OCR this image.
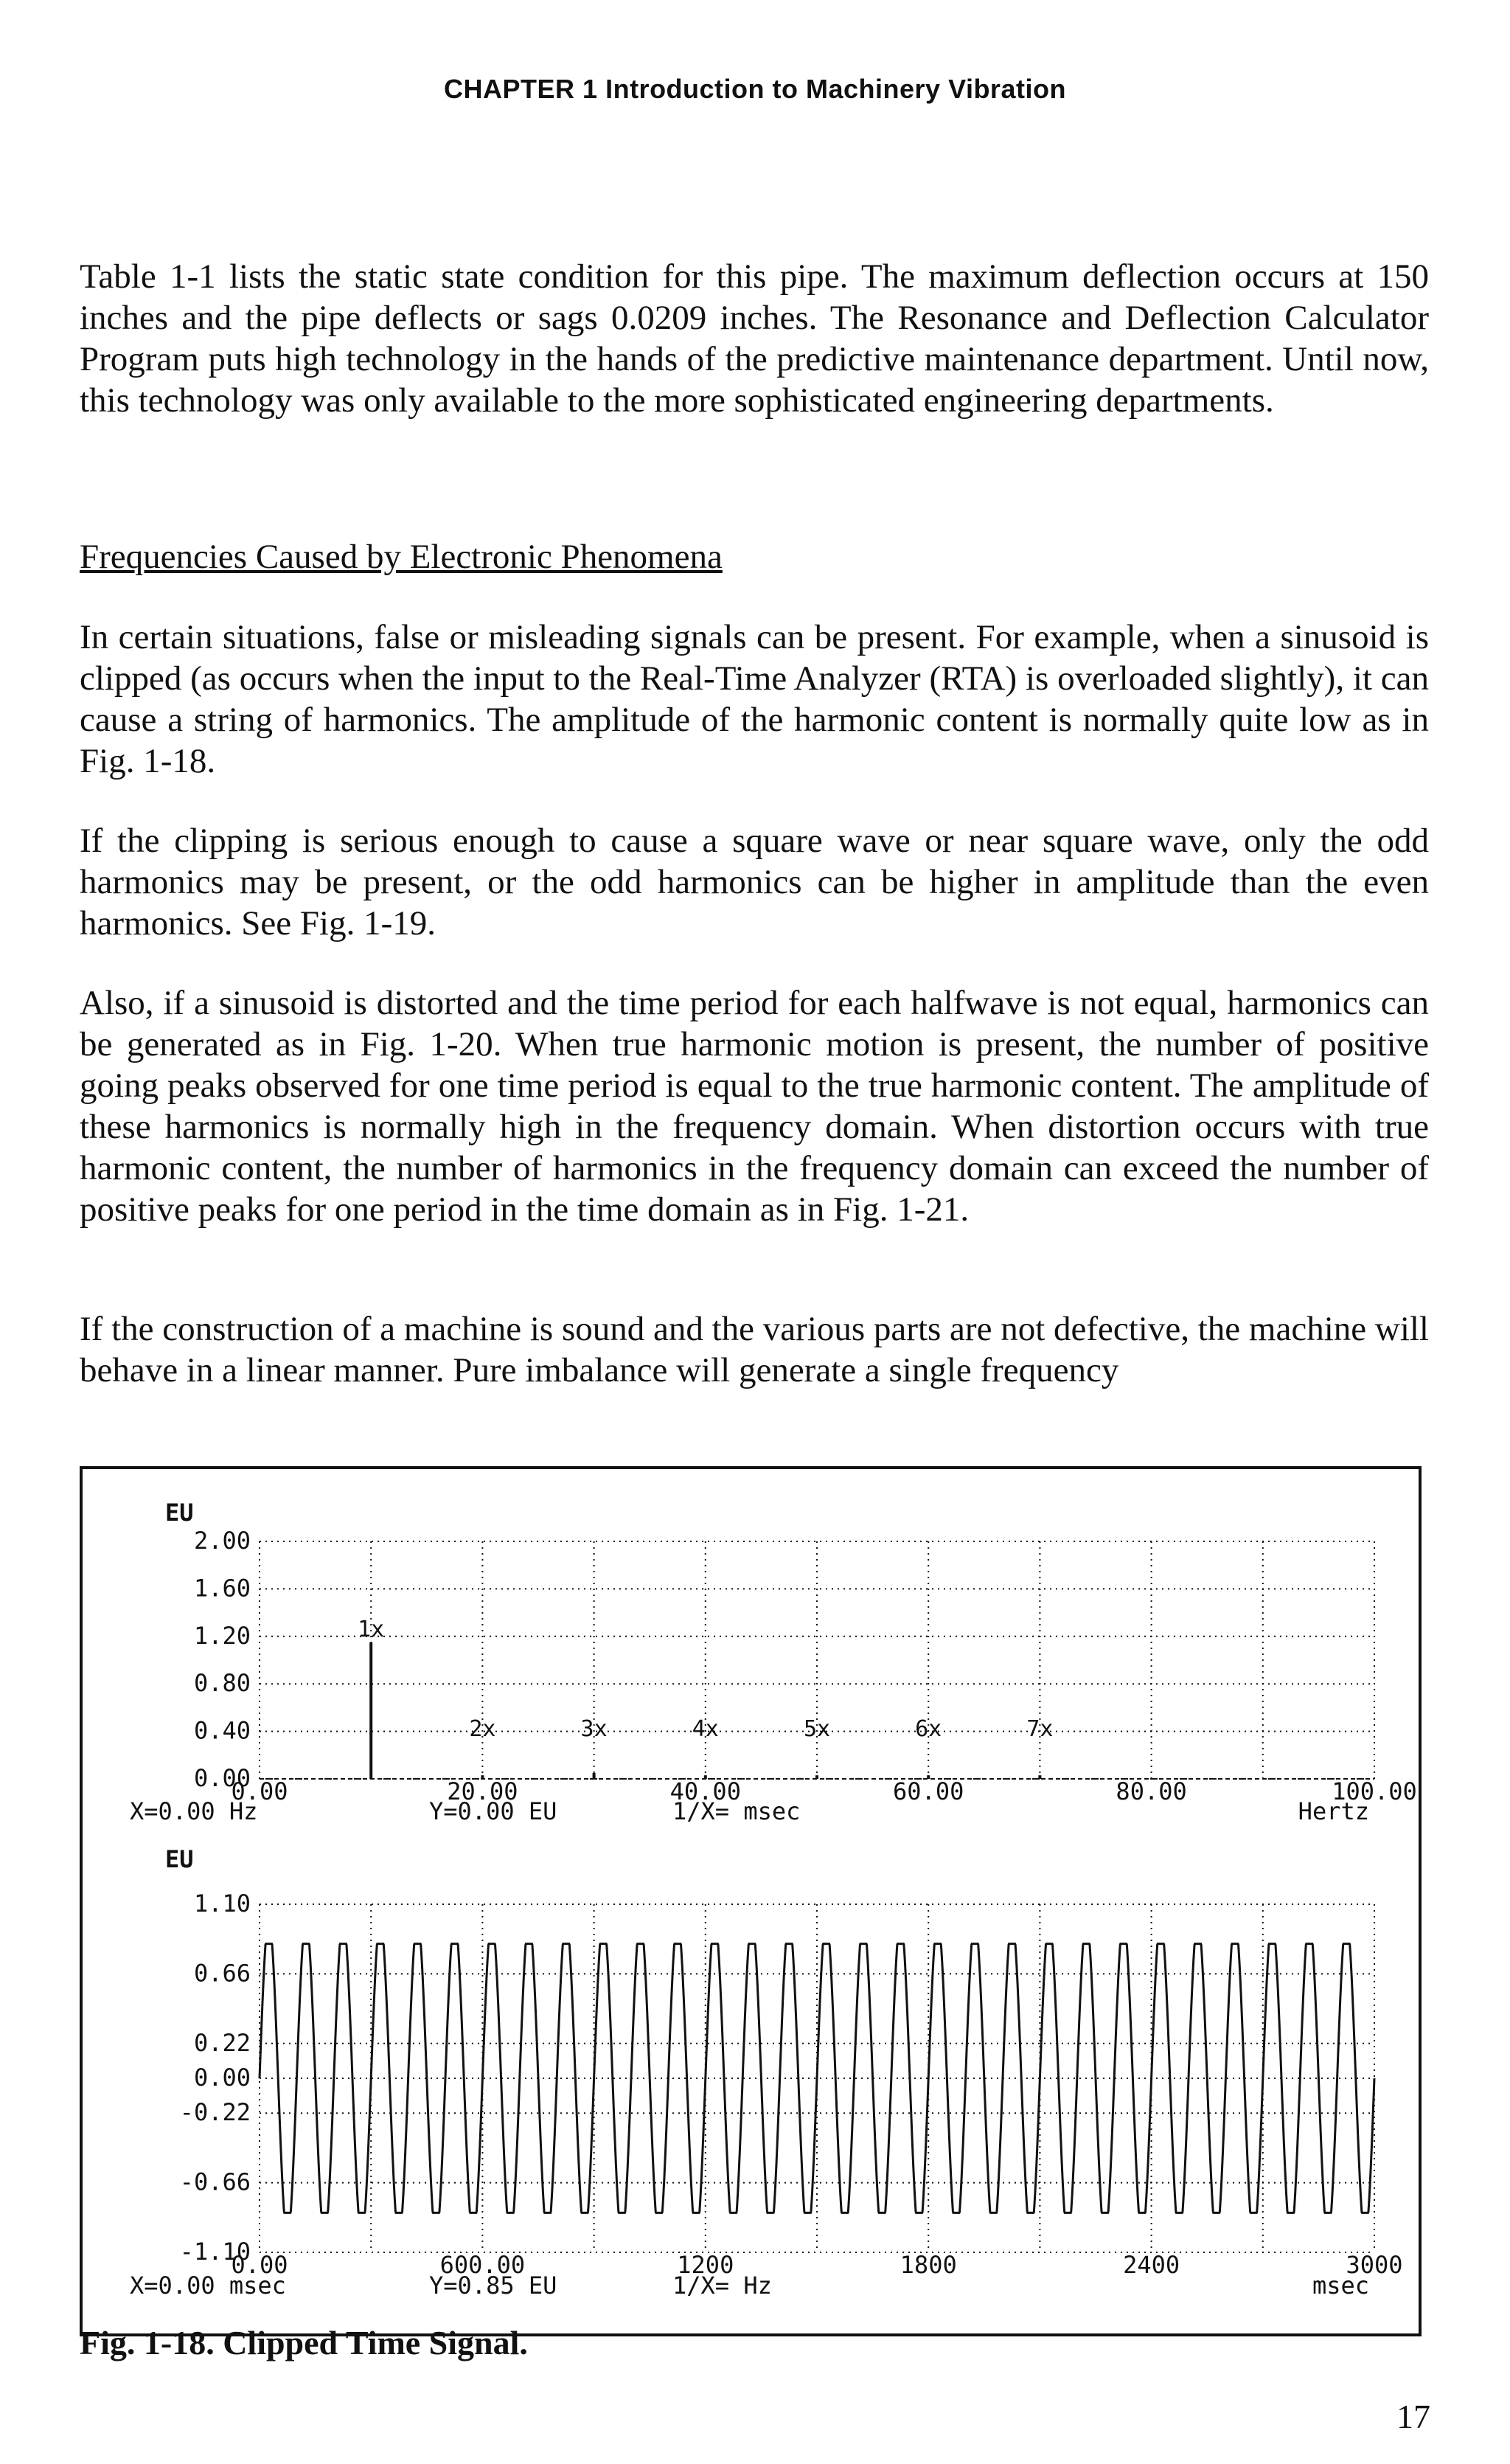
CHAPTER 1 Introduction to Machinery Vibration

Table 1-1 lists the static state condition for this pipe. The maximum deflection occurs at 150 inches and the pipe deflects or sags 0.0209 inches. The Resonance and Deflection Calculator Program puts high technology in the hands of the predictive maintenance department. Until now, this technology was only available to the more sophisticated engineering departments.

Frequencies Caused by Electronic Phenomena

In certain situations, false or misleading signals can be present. For example, when a sinusoid is clipped (as occurs when the input to the Real-Time Analyzer (RTA) is overloaded slightly), it can cause a string of harmonics. The amplitude of the harmonic content is normally quite low as in Fig. 1-18.

If the clipping is serious enough to cause a square wave or near square wave, only the odd harmonics may be present, or the odd harmonics can be higher in amplitude than the even harmonics. See Fig. 1-19.

Also, if a sinusoid is distorted and the time period for each halfwave is not equal, harmonics can be generated as in Fig. 1-20. When true harmonic motion is present, the number of positive going peaks observed for one time period is equal to the true harmonic content. The amplitude of these harmonics is normally high in the frequency domain. When distortion occurs with true harmonic content, the number of harmonics in the frequency domain can exceed the number of positive peaks for one period in the time domain as in Fig. 1-21.

If the construction of a machine is sound and the various parts are not defective, the machine will behave in a linear manner. Pure imbalance will generate a single frequency

EU
2.00
1.60
1.20
0.80
0.40
0.00
0.00	20.00	40.00	60.00	80.00	100.00
1x
2x	3x	4x	5x	6x	7x
X=0.00 Hz	Y=0.00 EU	1/X= msec	Hertz
EU
1.10
0.66
0.22
0.00
-0.22
-0.66
-1.10
0.00	600.00	1200	1800	2400	3000
X=0.00 msec	Y=0.85 EU	1/X= Hz	msec

Fig. 1-18. Clipped Time Signal.

17
